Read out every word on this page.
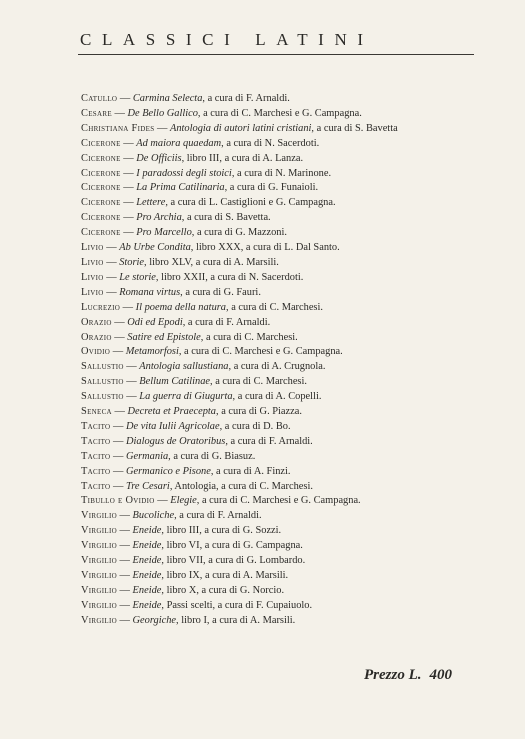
CLASSICI LATINI
Catullo — Carmina Selecta, a cura di F. Arnaldi.
Cesare — De Bello Gallico, a cura di C. Marchesi e G. Campagna.
Christiana Fides — Antologia di autori latini cristiani, a cura di S. Bavetta
Cicerone — Ad maiora quaedam, a cura di N. Sacerdoti.
Cicerone — De Officiis, libro III, a cura di A. Lanza.
Cicerone — I paradossi degli stoici, a cura di N. Marinone.
Cicerone — La Prima Catilinaria, a cura di G. Funaioli.
Cicerone — Lettere, a cura di L. Castiglioni e G. Campagna.
Cicerone — Pro Archia, a cura di S. Bavetta.
Cicerone — Pro Marcello, a cura di G. Mazzoni.
Livio — Ab Urbe Condita, libro XXX, a cura di L. Dal Santo.
Livio — Storie, libro XLV, a cura di A. Marsili.
Livio — Le storie, libro XXII, a cura di N. Sacerdoti.
Livio — Romana virtus, a cura di G. Fauri.
Lucrezio — Il poema della natura, a cura di C. Marchesi.
Orazio — Odi ed Epodi, a cura di F. Arnaldi.
Orazio — Satire ed Epistole, a cura di C. Marchesi.
Ovidio — Metamorfosi, a cura di C. Marchesi e G. Campagna.
Sallustio — Antologia sallustiana, a cura di A. Crugnola.
Sallustio — Bellum Catilinae, a cura di C. Marchesi.
Sallustio — La guerra di Giugurta, a cura di A. Copelli.
Seneca — Decreta et Praecepta, a cura di G. Piazza.
Tacito — De vita Iulii Agricolae, a cura di D. Bo.
Tacito — Dialogus de Oratoribus, a cura di F. Arnaldi.
Tacito — Germania, a cura di G. Biasuz.
Tacito — Germanico e Pisone, a cura di A. Finzi.
Tacito — Tre Cesari, Antologia, a cura di C. Marchesi.
Tibullo e Ovidio — Elegie, a cura di C. Marchesi e G. Campagna.
Virgilio — Bucoliche, a cura di F. Arnaldi.
Virgilio — Eneide, libro III, a cura di G. Sozzi.
Virgilio — Eneide, libro VI, a cura di G. Campagna.
Virgilio — Eneide, libro VII, a cura di G. Lombardo.
Virgilio — Eneide, libro IX, a cura di A. Marsili.
Virgilio — Eneide, libro X, a cura di G. Norcio.
Virgilio — Eneide, Passi scelti, a cura di F. Cupaiuolo.
Virgilio — Georgiche, libro I, a cura di A. Marsili.
Prezzo L. 400
